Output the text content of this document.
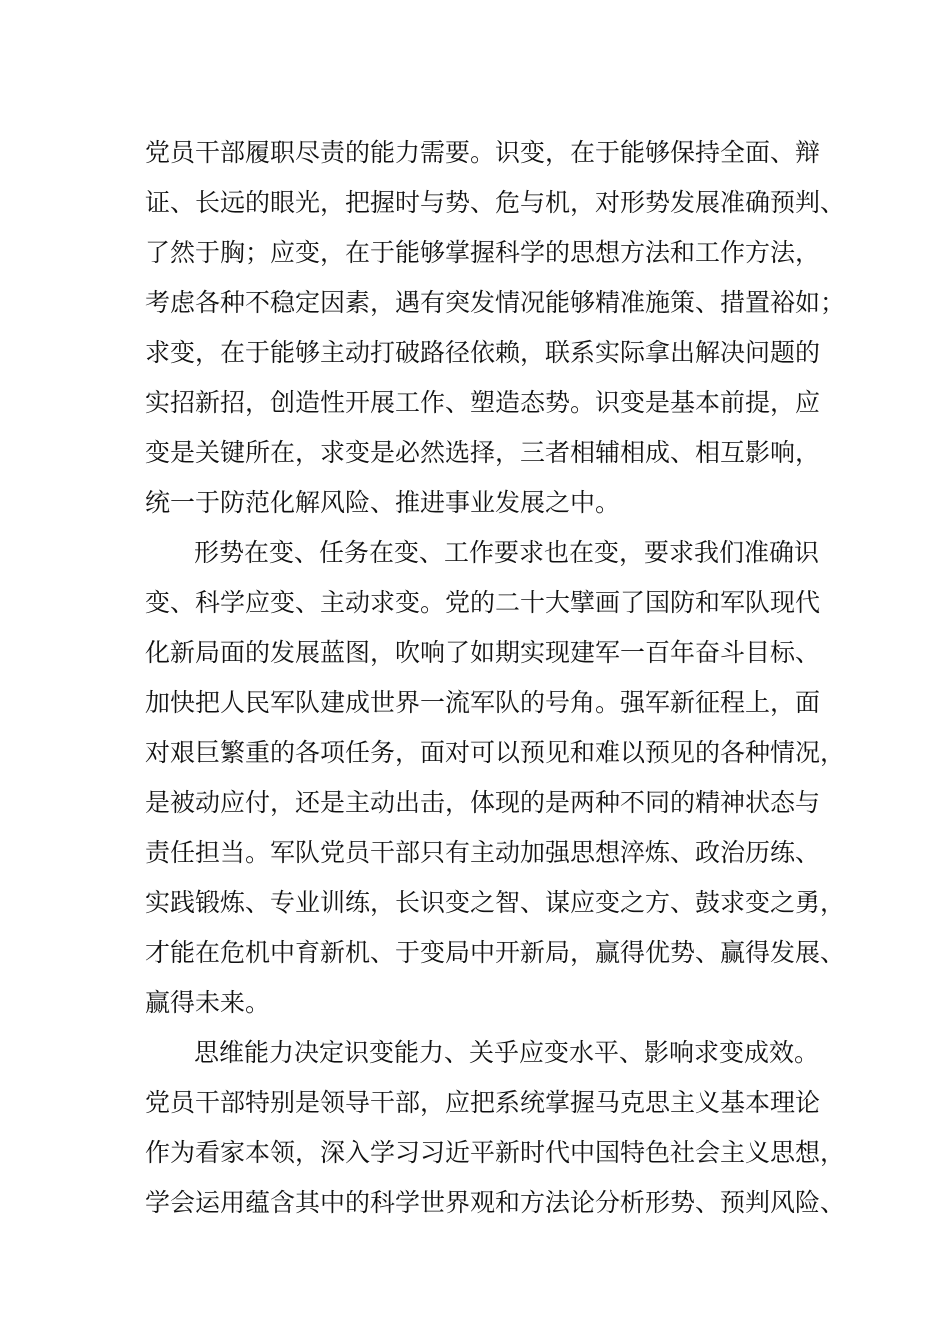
党员干部履职尽责的能力需要。识变，在于能够保持全面、辩
证、长远的眼光，把握时与势、危与机，对形势发展准确预判、
了然于胸；应变，在于能够掌握科学的思想方法和工作方法，
考虑各种不稳定因素，遇有突发情况能够精准施策、措置裕如；
求变，在于能够主动打破路径依赖，联系实际拿出解决问题的
实招新招，创造性开展工作、塑造态势。识变是基本前提，应
变是关键所在，求变是必然选择，三者相辅相成、相互影响，
统一于防范化解风险、推进事业发展之中。
形势在变、任务在变、工作要求也在变，要求我们准确识
变、科学应变、主动求变。党的二十大擘画了国防和军队现代
化新局面的发展蓝图，吹响了如期实现建军一百年奋斗目标、
加快把人民军队建成世界一流军队的号角。强军新征程上，面
对艰巨繁重的各项任务，面对可以预见和难以预见的各种情况，
是被动应付，还是主动出击，体现的是两种不同的精神状态与
责任担当。军队党员干部只有主动加强思想淬炼、政治历练、
实践锻炼、专业训练，长识变之智、谋应变之方、鼓求变之勇，
才能在危机中育新机、于变局中开新局，赢得优势、赢得发展、
赢得未来。
思维能力决定识变能力、关乎应变水平、影响求变成效。
党员干部特别是领导干部，应把系统掌握马克思主义基本理论
作为看家本领，深入学习习近平新时代中国特色社会主义思想，
学会运用蕴含其中的科学世界观和方法论分析形势、预判风险、
